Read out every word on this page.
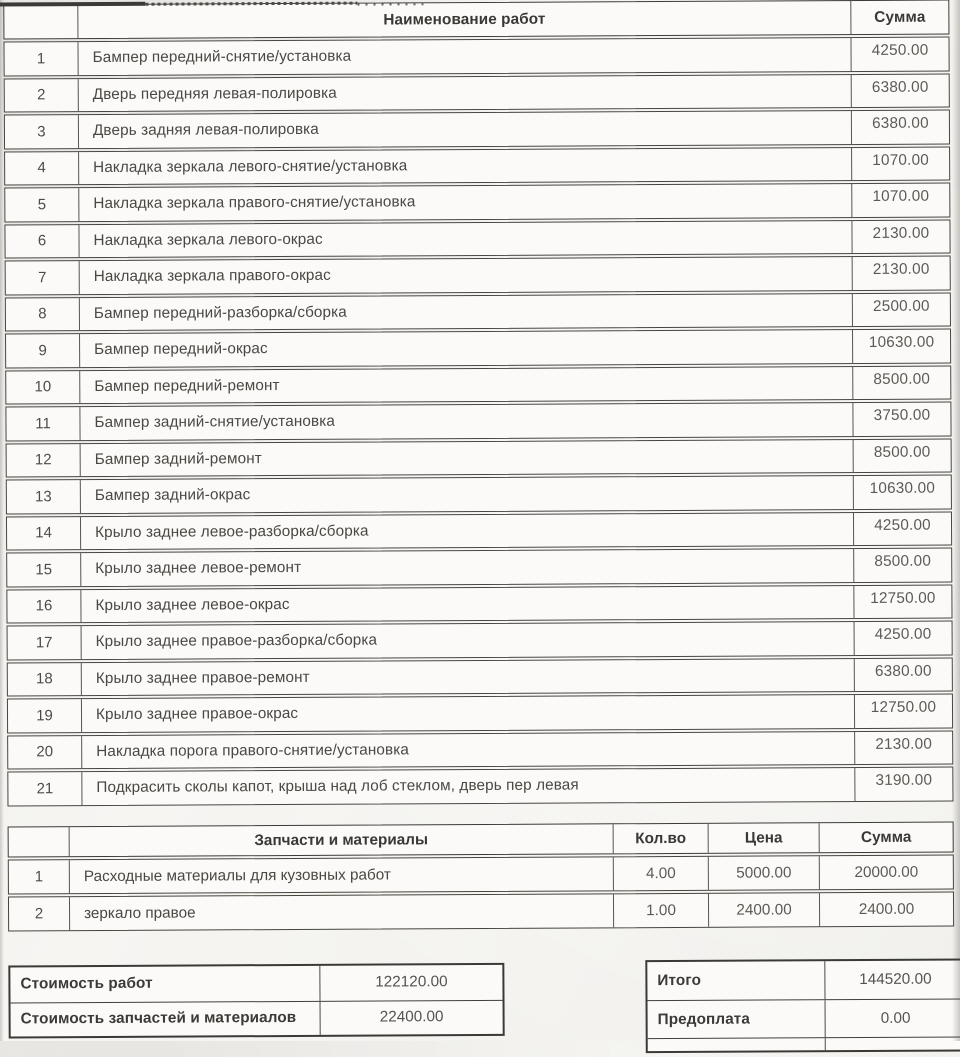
Наименование работ	Сумма
1	Бампер передний-снятие/установка	4250.00
2	Дверь передняя левая-полировка	6380.00
3	Дверь задняя левая-полировка	6380.00
4	Накладка зеркала левого-снятие/установка	1070.00
5	Накладка зеркала правого-снятие/установка	1070.00
6	Накладка зеркала левого-окрас	2130.00
7	Накладка зеркала правого-окрас	2130.00
8	Бампер передний-разборка/сборка	2500.00
9	Бампер передний-окрас	10630.00
10	Бампер передний-ремонт	8500.00
11	Бампер задний-снятие/установка	3750.00
12	Бампер задний-ремонт	8500.00
13	Бампер задний-окрас	10630.00
14	Крыло заднее левое-разборка/сборка	4250.00
15	Крыло заднее левое-ремонт	8500.00
16	Крыло заднее левое-окрас	12750.00
17	Крыло заднее правое-разборка/сборка	4250.00
18	Крыло заднее правое-ремонт	6380.00
19	Крыло заднее правое-окрас	12750.00
20	Накладка порога правого-снятие/установка	2130.00
21	Подкрасить сколы капот, крыша над лоб стеклом, дверь пер левая	3190.00
Запчасти и материалы	Кол.во	Цена	Сумма
1	Расходные материалы для кузовных работ	4.00	5000.00	20000.00
2	зеркало правое	1.00	2400.00	2400.00
Стоимость работ	122120.00
Стоимость запчастей и материалов	22400.00
Итого	144520.00
Предоплата	0.00
